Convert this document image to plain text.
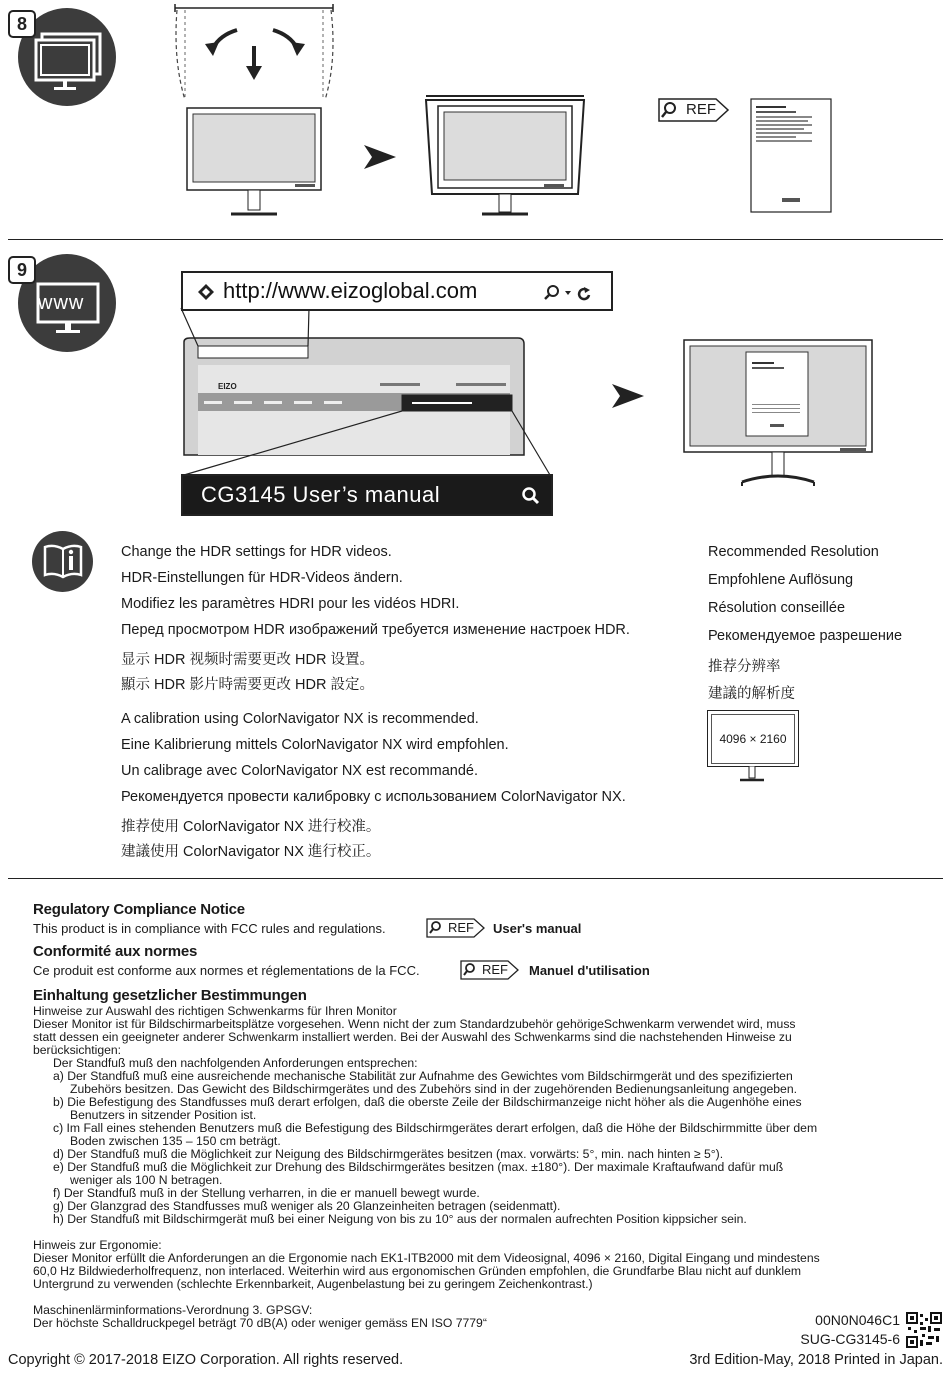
8
REF
www
9
http://www.eizoglobal.com
EIZO
CG3145 User’s manual
Change the HDR settings for HDR videos.
HDR-Einstellungen für HDR-Videos ändern.
Modifiez les paramètres HDRI pour les vidéos HDRI.
Перед просмотром HDR изображений требуется изменение настроек HDR.
显示 HDR 视频时需要更改 HDR 设置。
顯示 HDR 影片時需要更改 HDR 設定。
A calibration using ColorNavigator NX is recommended.
Eine Kalibrierung mittels ColorNavigator NX wird empfohlen.
Un calibrage avec ColorNavigator NX est recommandé.
Рекомендуется провести калибровку с использованием ColorNavigator NX.
推荐使用 ColorNavigator NX 进行校准。
建議使用 ColorNavigator NX 進行校正。
Recommended Resolution
Empfohlene Auflösung
Résolution conseillée
Рекомендуемое разрешение
推荐分辨率
建議的解析度
4096 × 2160
Regulatory Compliance Notice
This product is in compliance with FCC rules and regulations.	REF User's manual
Conformité aux normes
Ce produit est conforme aux normes et réglementations de la FCC.	REF Manuel d'utilisation
Einhaltung gesetzlicher Bestimmungen
Hinweise zur Auswahl des richtigen Schwenkarms für Ihren Monitor
Dieser Monitor ist für Bildschirmarbeitsplätze vorgesehen. Wenn nicht der zum Standardzubehör gehörigeSchwenkarm verwendet wird, muss
statt dessen ein geeigneter anderer Schwenkarm installiert werden. Bei der Auswahl des Schwenkarms sind die nachstehenden Hinweise zu
berücksichtigen:
Der Standfuß muß den nachfolgenden Anforderungen entsprechen:
a) Der Standfuß muß eine ausreichende mechanische Stabilität zur Aufnahme des Gewichtes vom Bildschirmgerät und des spezifizierten
Zubehörs besitzen. Das Gewicht des Bildschirmgerätes und des Zubehörs sind in der zugehörenden Bedienungsanleitung angegeben.
b) Die Befestigung des Standfusses muß derart erfolgen, daß die oberste Zeile der Bildschirmanzeige nicht höher als die Augenhöhe eines
Benutzers in sitzender Position ist.
c) Im Fall eines stehenden Benutzers muß die Befestigung des Bildschirmgerätes derart erfolgen, daß die Höhe der Bildschirmmitte über dem
Boden zwischen 135 – 150 cm beträgt.
d) Der Standfuß muß die Möglichkeit zur Neigung des Bildschirmgerätes besitzen (max. vorwärts: 5°, min. nach hinten ≥ 5°).
e) Der Standfuß muß die Möglichkeit zur Drehung des Bildschirmgerätes besitzen (max. ±180°). Der maximale Kraftaufwand dafür muß
weniger als 100 N betragen.
f) Der Standfuß muß in der Stellung verharren, in die er manuell bewegt wurde.
g) Der Glanzgrad des Standfusses muß weniger als 20 Glanzeinheiten betragen (seidenmatt).
h) Der Standfuß mit Bildschirmgerät muß bei einer Neigung von bis zu 10° aus der normalen aufrechten Position kippsicher sein.
Hinweis zur Ergonomie:
Dieser Monitor erfüllt die Anforderungen an die Ergonomie nach EK1-ITB2000 mit dem Videosignal, 4096 × 2160, Digital Eingang und mindestens
60,0 Hz Bildwiederholfrequenz, non interlaced. Weiterhin wird aus ergonomischen Gründen empfohlen, die Grundfarbe Blau nicht auf dunklem
Untergrund zu verwenden (schlechte Erkennbarkeit, Augenbelastung bei zu geringem Zeichenkontrast.)
Maschinenlärminformations-Verordnung 3. GPSGV:
Der höchste Schalldruckpegel beträgt 70 dB(A) oder weniger gemäss EN ISO 7779“	00N0N046C1
SUG-CG3145-6
Copyright © 2017-2018 EIZO Corporation. All rights reserved.	3rd Edition-May, 2018 Printed in Japan.
